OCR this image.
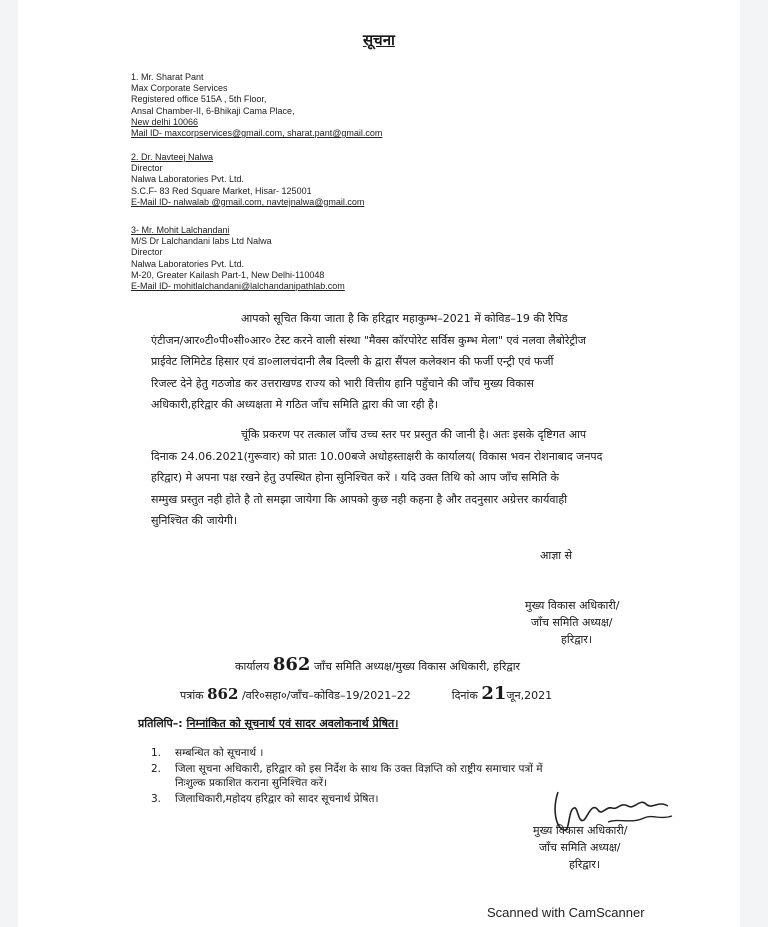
सूचना
1. Mr. Sharat Pant
Max Corporate Services
Registered office 515A , 5th Floor,
Ansal Chamber-II, 6-Bhikaji Cama Place,
New delhi 10066
Mail ID- maxcorpservices@gmail.com, sharat.pant@gmail.com
2. Dr. Navteej Nalwa
Director
Nalwa Laboratories Pvt. Ltd.
S.C.F- 83 Red Square Market, Hisar- 125001
E-Mail ID- nalwalab @gmail.com, navtejnalwa@gmail.com
3- Mr. Mohit Lalchandani
M/S Dr Lalchandani labs Ltd Nalwa
Director
Nalwa Laboratories Pvt. Ltd.
M-20, Greater Kailash Part-1, New Delhi-110048
E-Mail ID- mohitlalchandani@lalchandanipathlab.com
आपको सूचित किया जाता है कि हरिद्वार महाकुम्भ–2021 में कोविड–19 की रैपिड
एंटीजन/आर०टी०पी०सी०आर० टेस्ट करने वाली संस्था "मैक्स कॉरपोरेट सर्विस कुम्भ मेला" एवं नलवा लैबोरेट्रीज
प्राईवेट लिमिटेड हिसार एवं डा०लालचंदानी लैब दिल्ली के द्वारा सैंपल कलेक्शन की फर्जी एन्ट्री एवं फर्जी
रिजल्ट देने हेतु गठजोड कर उत्तराखण्ड राज्य को भारी वित्तीय हानि पहुँचाने की जाँच मुख्य विकास
अधिकारी,हरिद्वार की अध्यक्षता मे गठित जाँच समिति द्वारा की जा रही है।
चूंकि प्रकरण पर तत्काल जाँच उच्च स्तर पर प्रस्तुत की जानी है। अतः इसके दृष्टिगत आप
दिनाक 24.06.2021(गुरूवार) को प्रातः 10.00बजे अधोहस्ताक्षरी के कार्यालय( विकास भवन रोशनाबाद जनपद
हरिद्वार) मे अपना पक्ष रखने हेतु उपस्थित होना सुनिश्चित करें । यदि उक्त तिथि को आप जाँच समिति के
सम्मुख प्रस्तुत नही होते है तो समझा जायेगा कि आपको कुछ नही कहना है और तदनुसार अग्रेत्तर कार्यवाही
सुनिश्चित की जायेगी।
आज्ञा से
मुख्य विकास अधिकारी/
जाँच समिति अध्यक्ष/
हरिद्वार।
कार्यालय 862 जाँच समिति अध्यक्ष/मुख्य विकास अधिकारी, हरिद्वार
पत्रांक 862 /वरि०सहा०/जाँच–कोविड–19/2021–22	दिनांक 21जून,2021
प्रतिलिपि–: निम्नांकित को सूचनार्थ एवं सादर अवलोकनार्थ प्रेषित।
1.	सम्बन्धित को सूचनार्थ ।
2.	जिला सूचना अधिकारी, हरिद्वार को इस निर्देश के साथ कि उक्त विज्ञप्ति को राष्ट्रीय समाचार पत्रों में
निःशुल्क प्रकाशित कराना सुनिश्चित करें।
3.	जिलाधिकारी,महोदय हरिद्वार को सादर सूचनार्थ प्रेषित।
मुख्य विकास अधिकारी/
जाँच समिति अध्यक्ष/
हरिद्वार।
Scanned with CamScanner
